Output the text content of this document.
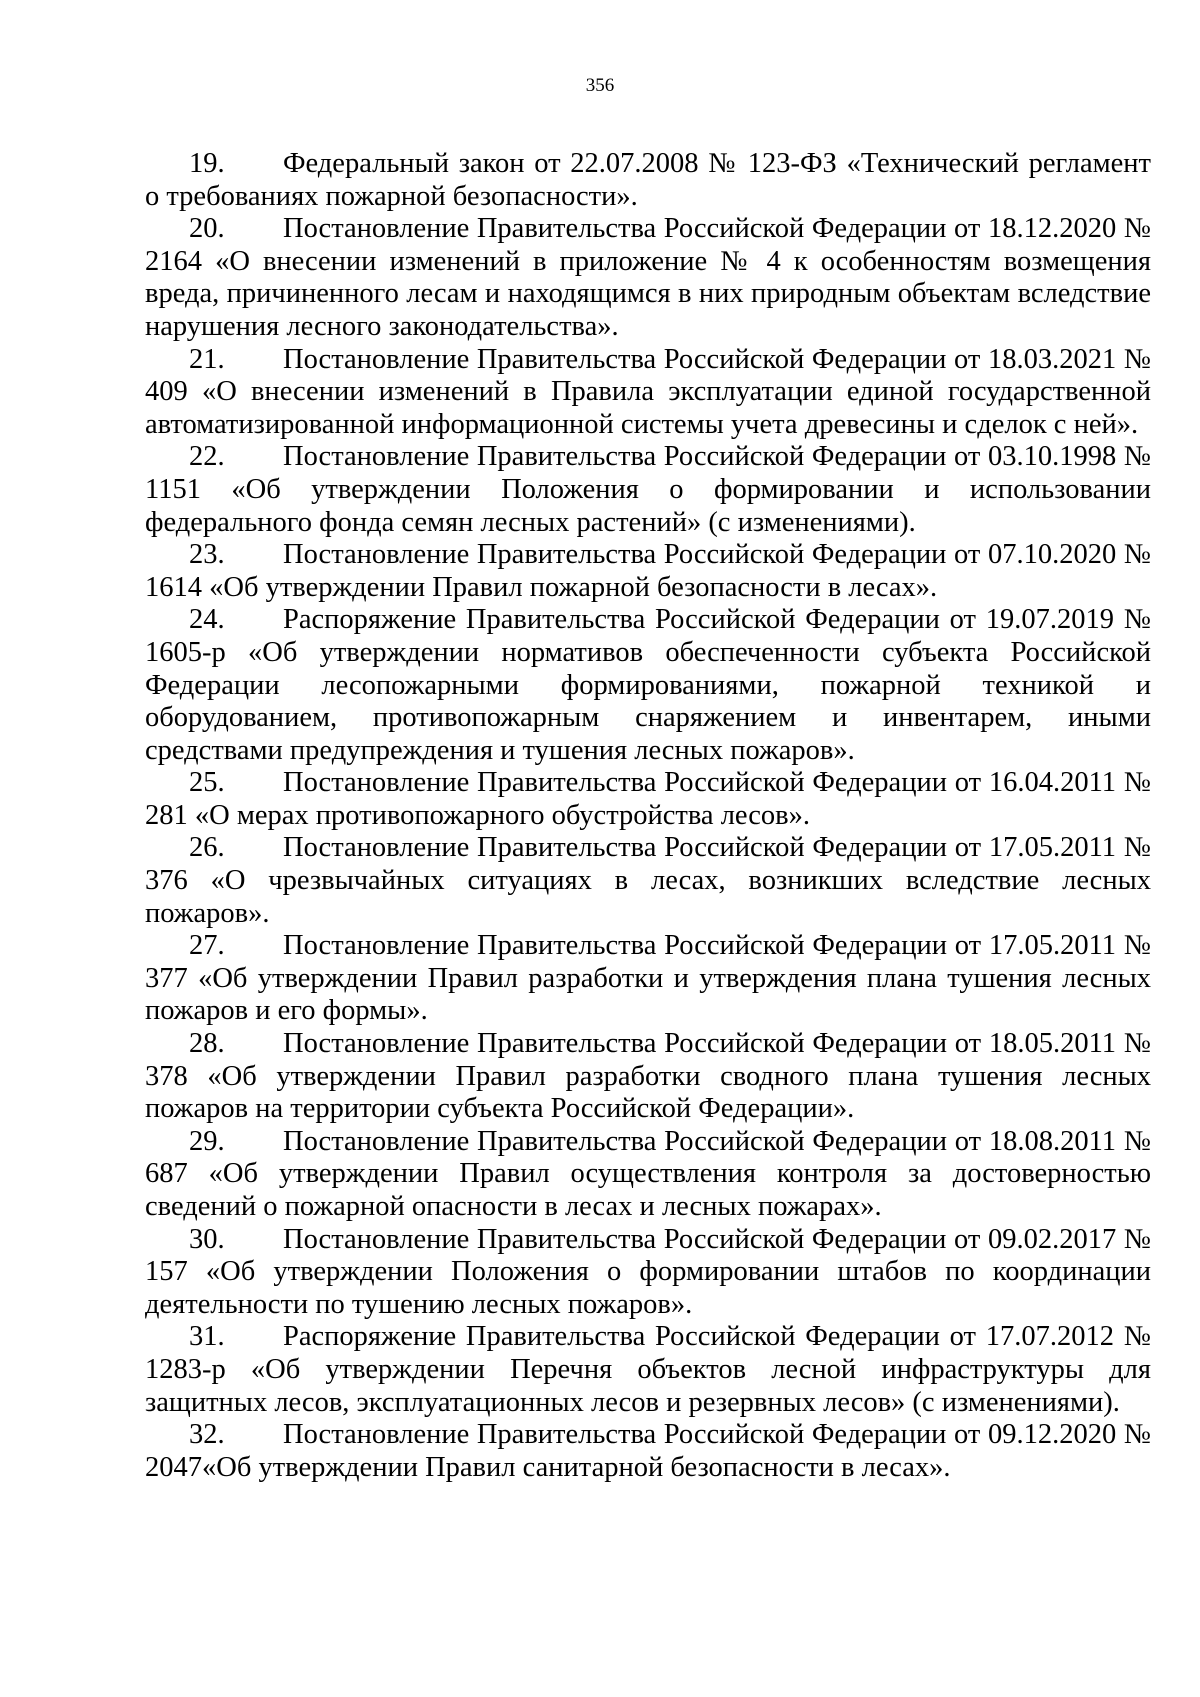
356

19. Федеральный закон от 22.07.2008 № 123-ФЗ «Технический регламент о требованиях пожарной безопасности».

20. Постановление Правительства Российской Федерации от 18.12.2020 № 2164 «О внесении изменений в приложение № 4 к особенностям возмещения вреда, причиненного лесам и находящимся в них природным объектам вследствие нарушения лесного законодательства».

21. Постановление Правительства Российской Федерации от 18.03.2021 № 409 «О внесении изменений в Правила эксплуатации единой государственной автоматизированной информационной системы учета древесины и сделок с ней».

22. Постановление Правительства Российской Федерации от 03.10.1998 № 1151 «Об утверждении Положения о формировании и использовании федерального фонда семян лесных растений» (с изменениями).

23. Постановление Правительства Российской Федерации от 07.10.2020 № 1614 «Об утверждении Правил пожарной безопасности в лесах».

24. Распоряжение Правительства Российской Федерации от 19.07.2019 № 1605-р «Об утверждении нормативов обеспеченности субъекта Российской Федерации лесопожарными формированиями, пожарной техникой и оборудованием, противопожарным снаряжением и инвентарем, иными средствами предупреждения и тушения лесных пожаров».

25. Постановление Правительства Российской Федерации от 16.04.2011 № 281 «О мерах противопожарного обустройства лесов».

26. Постановление Правительства Российской Федерации от 17.05.2011 № 376 «О чрезвычайных ситуациях в лесах, возникших вследствие лесных пожаров».

27. Постановление Правительства Российской Федерации от 17.05.2011 № 377 «Об утверждении Правил разработки и утверждения плана тушения лесных пожаров и его формы».

28. Постановление Правительства Российской Федерации от 18.05.2011 № 378 «Об утверждении Правил разработки сводного плана тушения лесных пожаров на территории субъекта Российской Федерации».

29. Постановление Правительства Российской Федерации от 18.08.2011 № 687 «Об утверждении Правил осуществления контроля за достоверностью сведений о пожарной опасности в лесах и лесных пожарах».

30. Постановление Правительства Российской Федерации от 09.02.2017 № 157 «Об утверждении Положения о формировании штабов по координации деятельности по тушению лесных пожаров».

31. Распоряжение Правительства Российской Федерации от 17.07.2012 № 1283-р «Об утверждении Перечня объектов лесной инфраструктуры для защитных лесов, эксплуатационных лесов и резервных лесов» (с изменениями).

32. Постановление Правительства Российской Федерации от 09.12.2020 № 2047«Об утверждении Правил санитарной безопасности в лесах».
